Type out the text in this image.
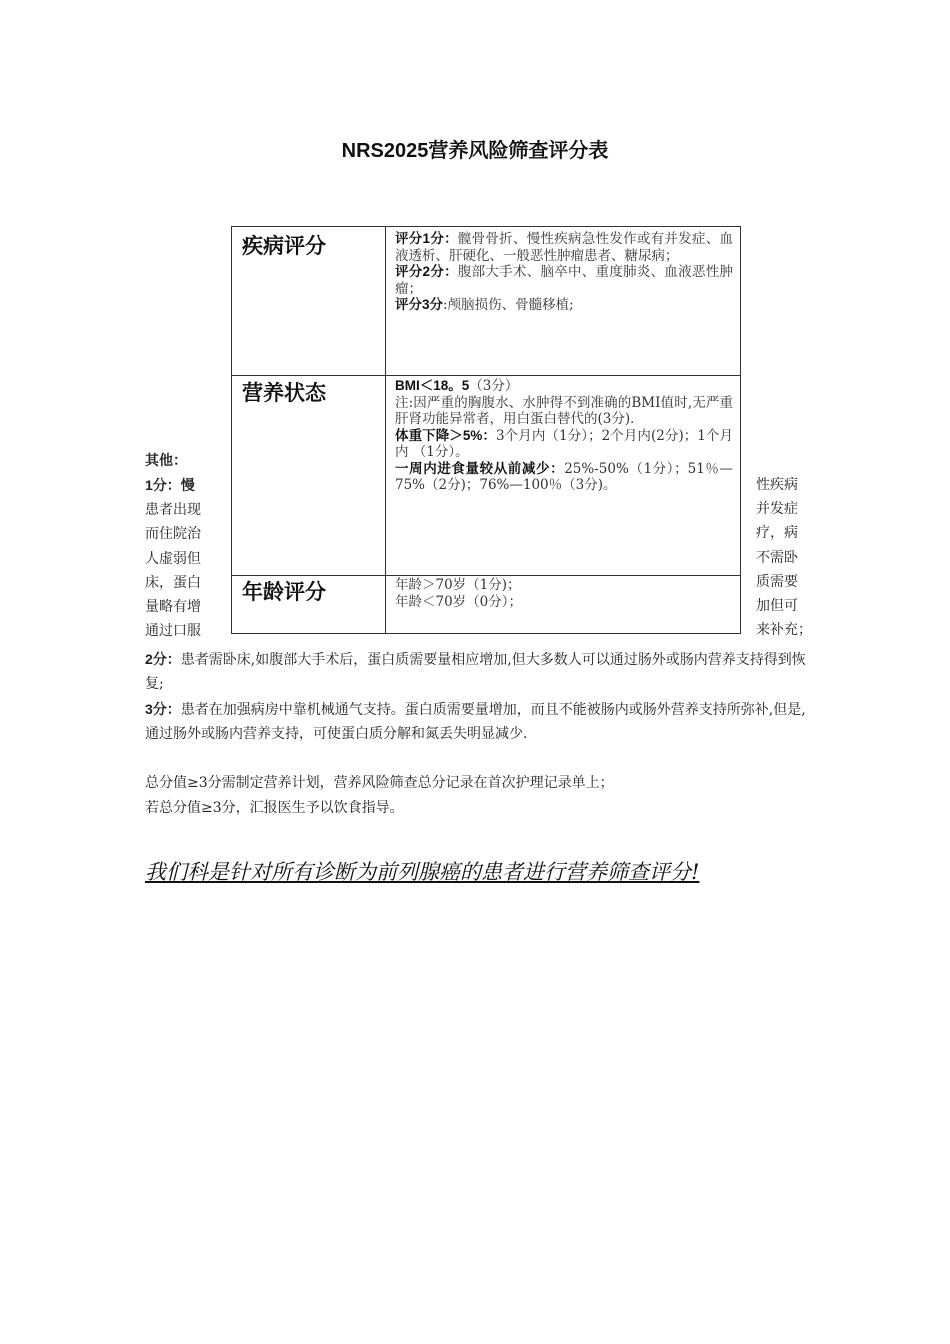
NRS2025营养风险筛查评分表
其他：
1分：慢
患者出现
而住院治
人虚弱但
床，蛋白
量略有增
通过口服
性疾病
并发症
疗，病
不需卧
质需要
加但可
来补充；
疾病评分	评分1分：髋骨骨折、慢性疾病急性发作或有并发症、血液透析、肝硬化、一般恶性肿瘤患者、糖尿病；
评分2分：腹部大手术、脑卒中、重度肺炎、血液恶性肿瘤；
评分3分:颅脑损伤、骨髓移植;
营养状态	BMI＜18。5（3分）
注:因严重的胸腹水、水肿得不到准确的BMI值时,无严重肝肾功能异常者，用白蛋白替代的(3分)．
体重下降＞5%：3个月内（1分）；2个月内(2分)；1个月内 （1分）。
一周内进食量较从前减少：25%-50%（1分）；51％—75%（2分)；76%—100％（3分)。
年龄评分	年龄＞70岁（1分)；
年龄＜70岁（0分）；
2分：患者需卧床,如腹部大手术后，蛋白质需要量相应增加,但大多数人可以通过肠外或肠内营养支持得到恢复;
3分：患者在加强病房中靠机械通气支持。蛋白质需要量增加，而且不能被肠内或肠外营养支持所弥补,但是,通过肠外或肠内营养支持，可使蛋白质分解和氮丢失明显减少.
总分值≥3分需制定营养计划，营养风险筛查总分记录在首次护理记录单上；
若总分值≥3分，汇报医生予以饮食指导。
我们科是针对所有诊断为前列腺癌的患者进行营养筛查评分!
